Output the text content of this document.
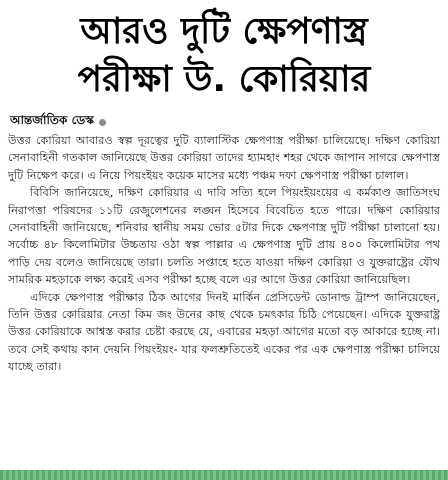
আরও দুটি ক্ষেপণাস্ত্র
পরীক্ষা উ. কোরিয়ার
আন্তর্জাতিক ডেস্ক

উত্তর কোরিয়া আবারও স্বল্প দূরত্বের দুটি ব্যালাস্টিক ক্ষেপণাস্ত্র পরীক্ষা চালিয়েছে। দক্ষিণ কোরিয়া সেনাবাহিনী গতকাল জানিয়েছে উত্তর কোরিয়া তাদের হ্যামহাং শহর থেকে জাপান সাগরে ক্ষেপণাস্ত্র দুটি নিক্ষেপ করে। এ নিয়ে পিয়ংইয়ং কয়েক মাসের মধ্যে পঞ্চম দফা ক্ষেপণাস্ত্র পরীক্ষা চালাল।

বিবিসি জানিয়েছে, দক্ষিণ কোরিয়ার এ দাবি সত্যি হলে পিয়ংইয়ংয়ের এ কর্মকাণ্ড জাতিসংঘ নিরাপত্তা পরিষদের ১১টি রেজুলেশনের লঙ্ঘন হিসেবে বিবেচিত হতে পারে। দক্ষিণ কোরিয়ার সেনাবাহিনী জানিয়েছে, শনিবার স্থানীয় সময় ভোর ৫টার দিকে ক্ষেপণাস্ত্র দুটি পরীক্ষা চালানো হয়। সর্বোচ্চ ৪৮ কিলোমিটার উচ্চতায় ওঠা স্বল্প পাল্লার এ ক্ষেপণাস্ত্র দুটি প্রায় ৪০০ কিলোমিটার পথ পাড়ি দেয় বলেও জানিয়েছে তারা। চলতি সপ্তাহে হতে যাওয়া দক্ষিণ কোরিয়া ও যুক্তরাষ্ট্রের যৌথ সামরিক মহড়াকে লক্ষ্য করেই এসব পরীক্ষা হচ্ছে বলে এর আগে উত্তর কোরিয়া জানিয়েছিল।

এদিকে ক্ষেপণাস্ত্র পরীক্ষার ঠিক আগের দিনই মার্কিন প্রেসিডেন্ট ডোনাল্ড ট্রাম্প জানিয়েছেন, তিনি উত্তর কোরিয়ার নেতা কিম জং উনের কাছ থেকে চমৎকার চিঠি পেয়েছেন। এদিকে যুক্তরাষ্ট্র উত্তর কোরিয়াকে আশ্বস্ত করার চেষ্টা করছে যে, এবারের মহড়া আগের মতো বড় আকারে হচ্ছে না। তবে সেই কথায় কান দেয়নি পিয়ংইয়ং- যার ফলশ্রুতিতেই একের পর এক ক্ষেপণাস্ত্র পরীক্ষা চালিয়ে যাচ্ছে তারা।
